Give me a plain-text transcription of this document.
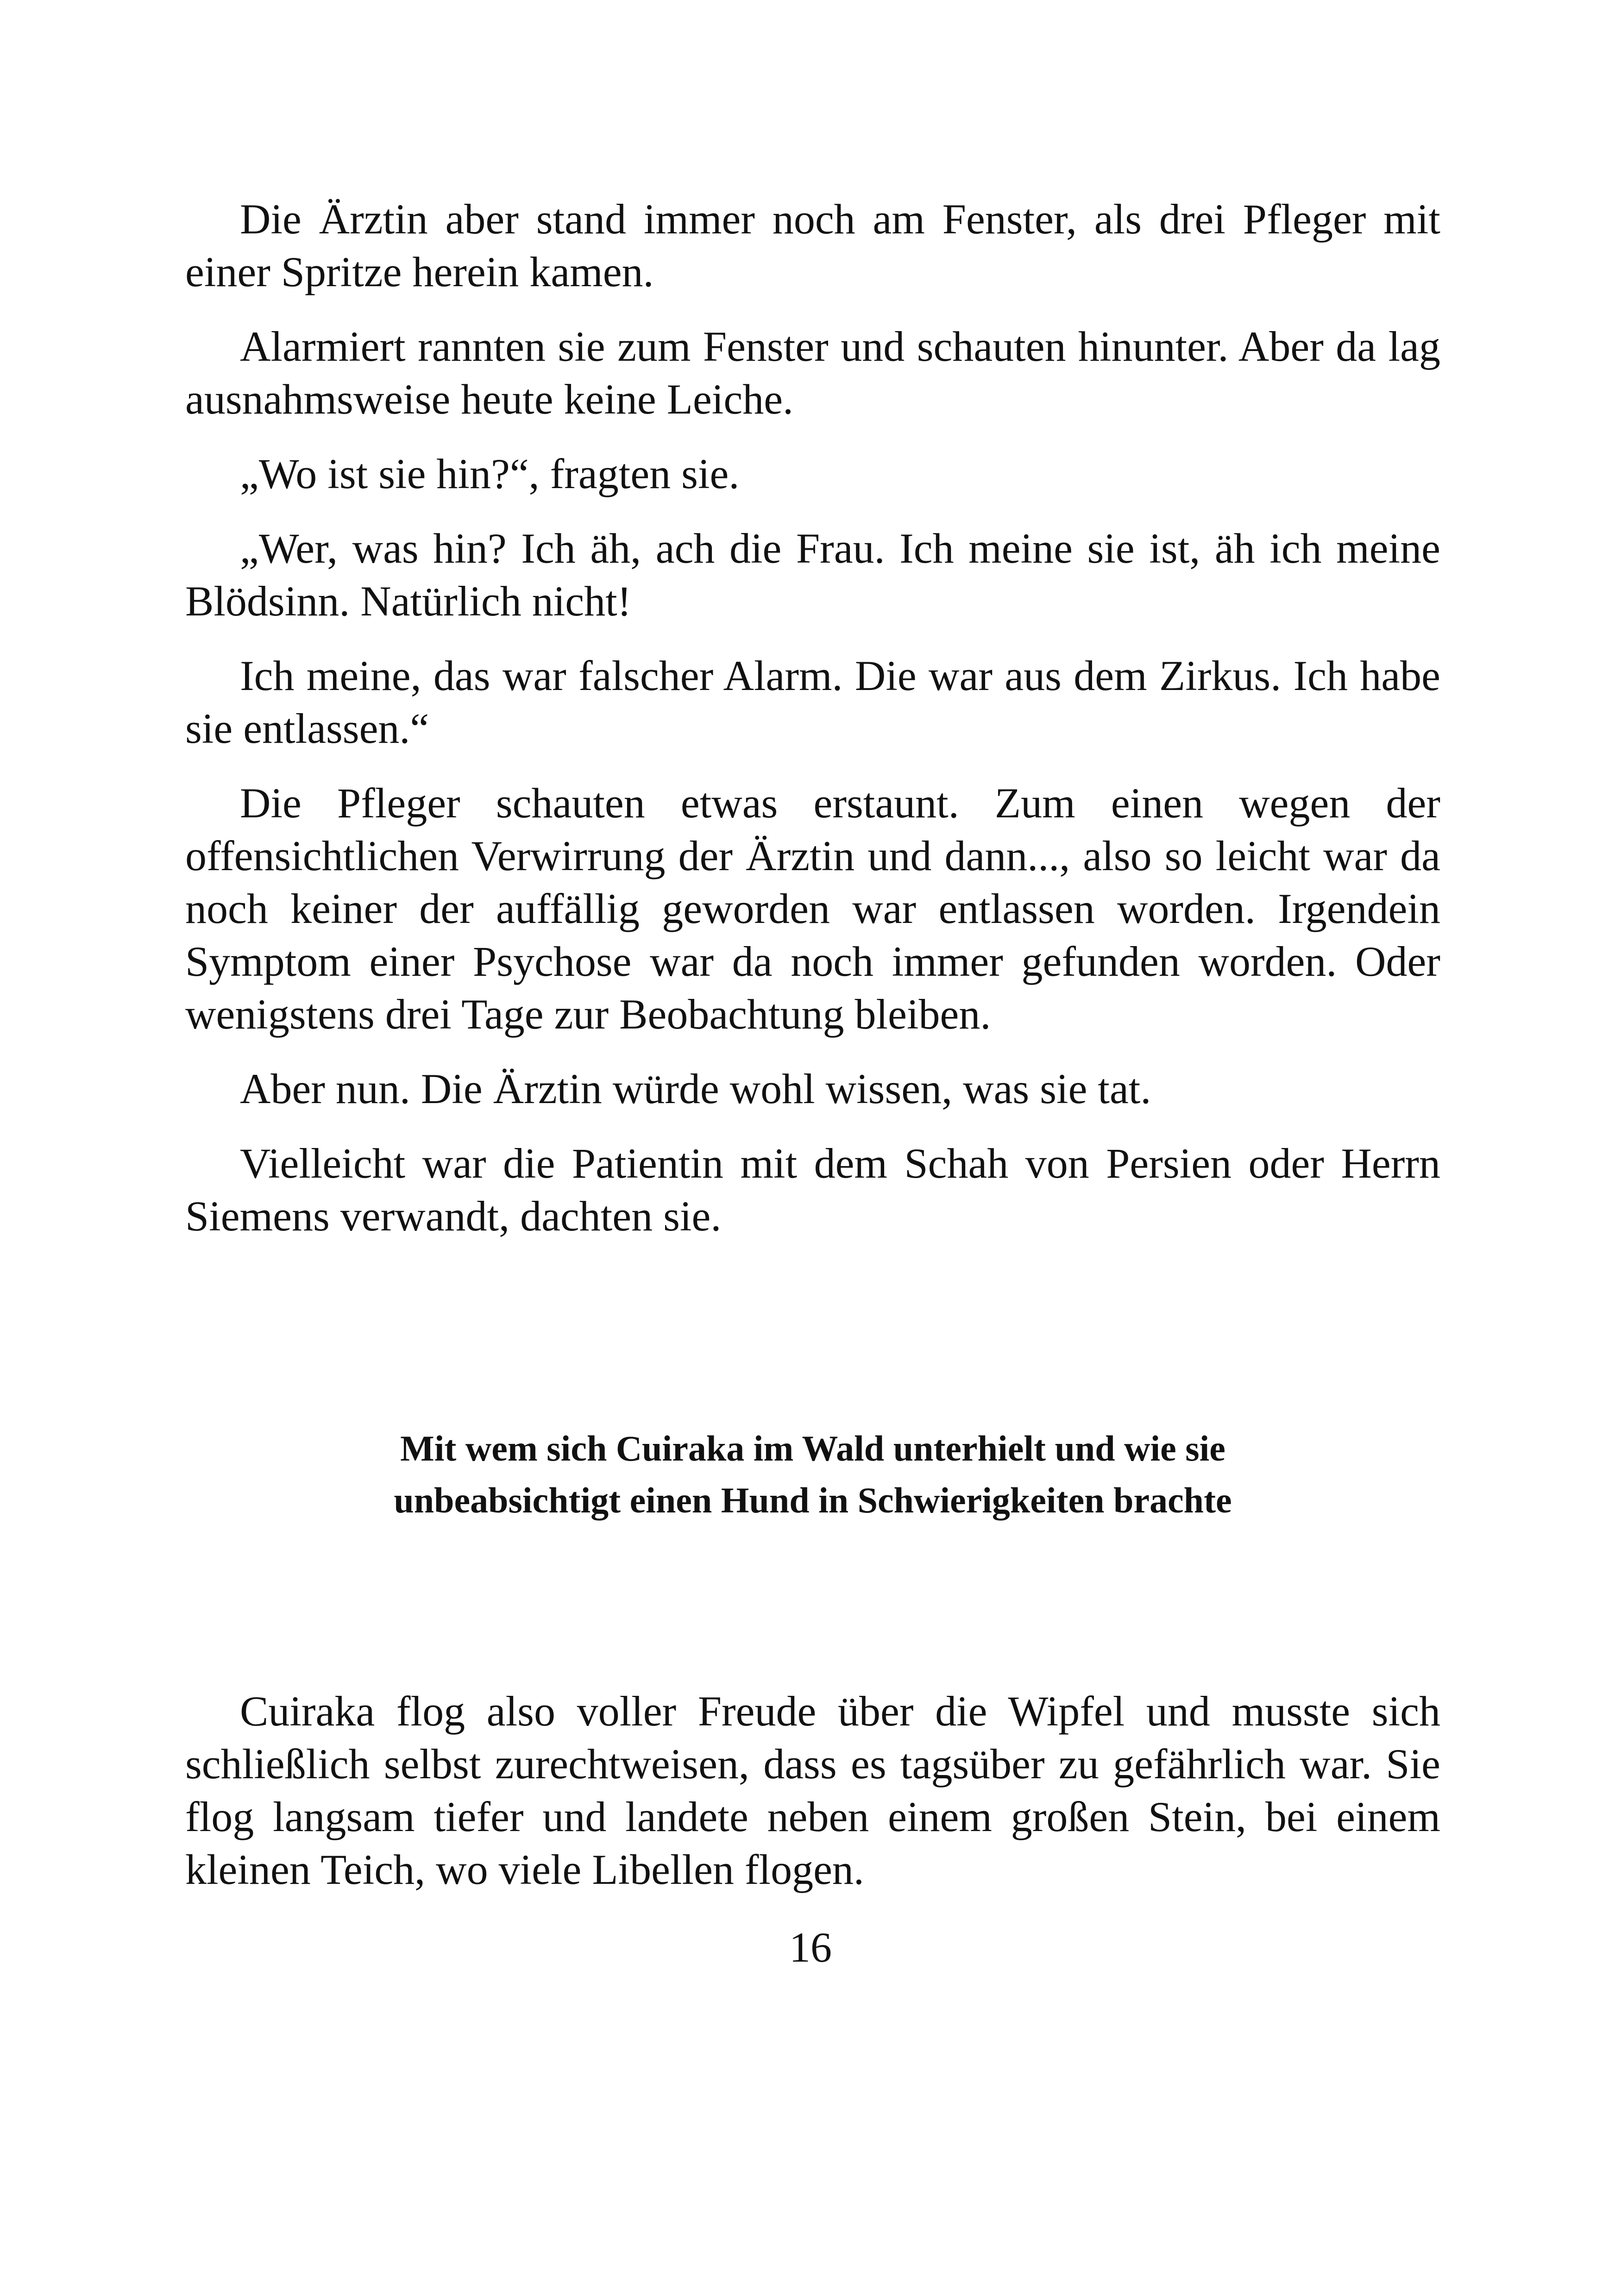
Die Ärztin aber stand immer noch am Fenster, als drei Pfleger mit einer Spritze herein kamen.

Alarmiert rannten sie zum Fenster und schauten hinunter. Aber da lag ausnahmsweise heute keine Leiche.

„Wo ist sie hin?“, fragten sie.

„Wer, was hin? Ich äh, ach die Frau. Ich meine sie ist, äh ich meine Blödsinn. Natürlich nicht!

Ich meine, das war falscher Alarm. Die war aus dem Zirkus. Ich habe sie entlassen.“

Die Pfleger schauten etwas erstaunt. Zum einen wegen der offensichtlichen Verwirrung der Ärztin und dann..., also so leicht war da noch keiner der auffällig geworden war entlassen worden. Irgendein Symptom einer Psychose war da noch immer gefunden worden. Oder wenigstens drei Tage zur Beobachtung bleiben.

Aber nun. Die Ärztin würde wohl wissen, was sie tat.

Vielleicht war die Patientin mit dem Schah von Persien oder Herrn Siemens verwandt, dachten sie.

Mit wem sich Cuiraka im Wald unterhielt und wie sie
unbeabsichtigt einen Hund in Schwierigkeiten brachte

Cuiraka flog also voller Freude über die Wipfel und musste sich schließlich selbst zurechtweisen, dass es tagsüber zu gefährlich war. Sie flog langsam tiefer und landete neben einem großen Stein, bei einem kleinen Teich, wo viele Libellen flogen.

16
